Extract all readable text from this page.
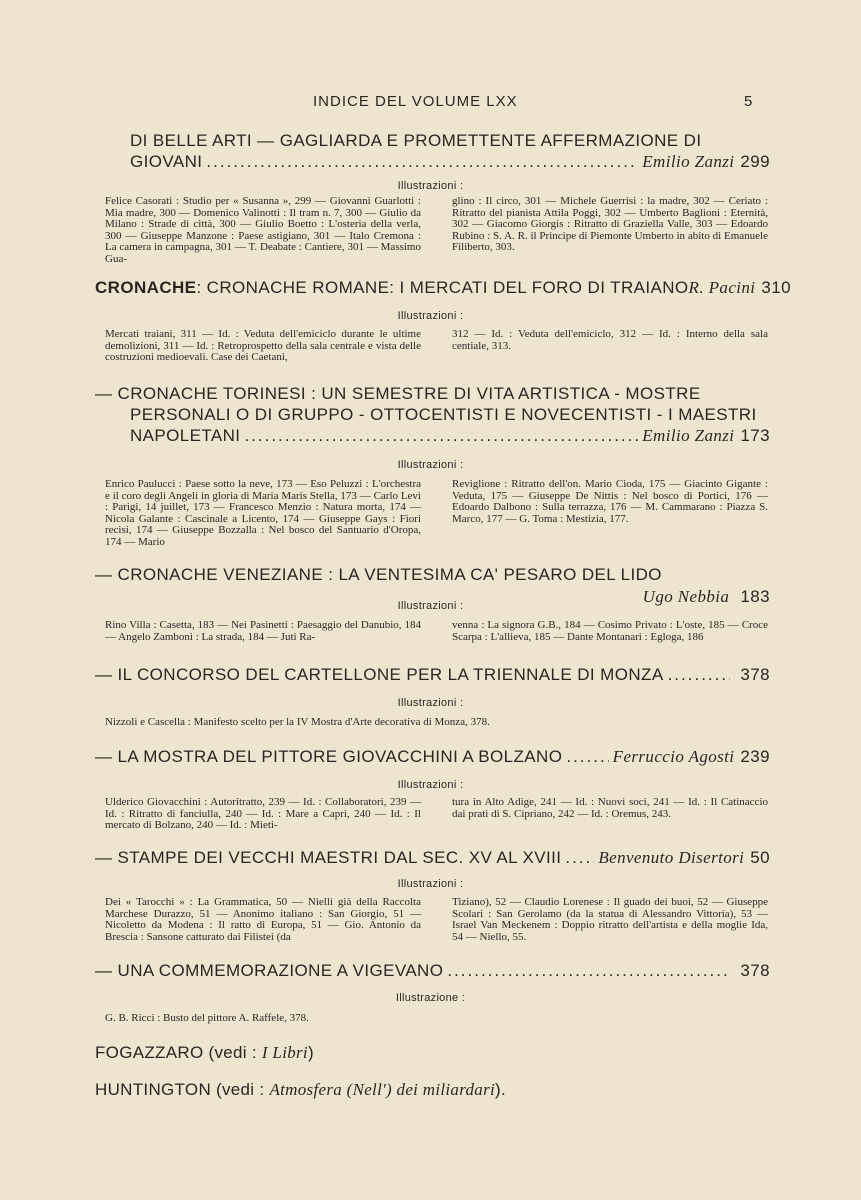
INDICE DEL VOLUME LXX	5
DI BELLE ARTI — GAGLIARDA E PROMETTENTE AFFERMAZIONE DI
GIOVANI .....	Emilio Zanzi 299
Illustrazioni :
Felice Casorati : Studio per « Susanna », 299 — Giovanni Guarlotti : Mia madre, 300 — Domenico Valinotti : Il tram n. 7, 300 — Giulio da Milano : Strade di città, 300 — Giulio Boetto : L'osteria della verla, 300 — Giuseppe Manzone : Paese astigiano, 301 — Italo Cremona : La camera in campagna, 301 — T. Deabate : Cantiere, 301 — Massimo Gua-
glino : Il circo, 301 — Michele Guerrisi : la madre, 302 — Ceriato : Ritratto del pianista Attila Poggi, 302 — Umberto Baglioni : Eternità, 302 — Giacomo Giorgis : Ritratto di Graziella Valle, 303 — Edoardo Rubino : S. A. R. il Principe di Piemonte Umberto in abito di Emanuele Filiberto, 303.
CRONACHE : CRONACHE ROMANE: I MERCATI DEL FORO DI TRAIANO R. Pacini 310
Illustrazioni :
Mercati traiani, 311 — Id. : Veduta dell'emiciclo durante le ultime demolizioni, 311 — Id. : Retroprospetto della sala centrale e vista delle costruzioni medioevali. Case dei Caetani,
312 — Id. : Veduta dell'emiciclo, 312 — Id. : Interno della sala centiale, 313.
— CRONACHE TORINESI : UN SEMESTRE DI VITA ARTISTICA - MOSTRE
PERSONALI O DI GRUPPO - OTTOCENTISTI E NOVECENTISTI - I MAESTRI
NAPOLETANI .....	Emilio Zanzi 173
Illustrazioni :
Enrico Paulucci : Paese sotto la neve, 173 — Eso Peluzzi : L'orchestra e il coro degli Angeli in gloria di Maria Maris Stella, 173 — Carlo Levi : Parigi, 14 juillet, 173 — Francesco Menzio : Natura morta, 174 — Nicola Galante : Cascinale a Licento, 174 — Giuseppe Gays : Fiori recisi, 174 — Giuseppe Bozzalla : Nel bosco del Santuario d'Oropa, 174 — Mario
Reviglione : Ritratto dell'on. Mario Cioda, 175 — Giacinto Gigante : Veduta, 175 — Giuseppe De Nittis : Nel bosco di Portici, 176 — Edoardo Dalbono : Sulla terrazza, 176 — M. Cammarano : Piazza S. Marco, 177 — G. Toma : Mestizia, 177.
— CRONACHE VENEZIANE : LA VENTESIMA CA' PESARO DEL LIDO
Ugo Nebbia 183
Illustrazioni :
Rino Villa : Casetta, 183 — Nei Pasinetti : Paesaggio del Danubio, 184 — Angelo Zamboni : La strada, 184 — Juti Ra-
venna : La signora G.B., 184 — Cosimo Privato : L'oste, 185 — Croce Scarpa : L'allieva, 185 — Dante Montanari : Egloga, 186
— IL CONCORSO DEL CARTELLONE PER LA TRIENNALE DI MONZA .....	378
Illustrazioni :
Nizzoli e Cascella : Manifesto scelto per la IV Mostra d'Arte decorativa di Monza, 378.
— LA MOSTRA DEL PITTORE GIOVACCHINI A BOLZANO .....	Ferruccio Agosti 239
Illustrazioni :
Ulderico Giovacchini : Autoritratto, 239 — Id. : Collaboratori, 239 — Id. : Ritratto di fanciulla, 240 — Id. : Mare a Capri, 240 — Id. : Il mercato di Bolzano, 240 — Id. : Mieti-
tura in Alto Adige, 241 — Id. : Nuovi soci, 241 — Id. : Il Catinaccio dai prati di S. Cipriano, 242 — Id. : Oremus, 243.
— STAMPE DEI VECCHI MAESTRI DAL SEC. XV AL XVIII ..... Benvenuto Disertori 50
Illustrazioni :
Dei « Tarocchi » : La Grammatica, 50 — Nielli già della Raccolta Marchese Durazzo, 51 — Anonimo italiano : San Giorgio, 51 — Nicoletto da Modena : Il ratto di Europa, 51 — Gio. Antonio da Brescia : Sansone catturato dai Filistei (da
Tiziano), 52 — Claudio Lorenese : Il guado dei buoi, 52 — Giuseppe Scolari : San Gerolamo (da la statua di Alessandro Vittoria), 53 — Israel Van Meckenem : Doppio ritratto dell'artista e della moglie Ida, 54 — Niello, 55.
— UNA COMMEMORAZIONE A VIGEVANO .....	378
Illustrazione :
G. B. Ricci : Busto del pittore A. Raffele, 378.
FOGAZZARO (vedi : I Libri)
HUNTINGTON (vedi : Atmosfera (Nell') dei miliardari).
